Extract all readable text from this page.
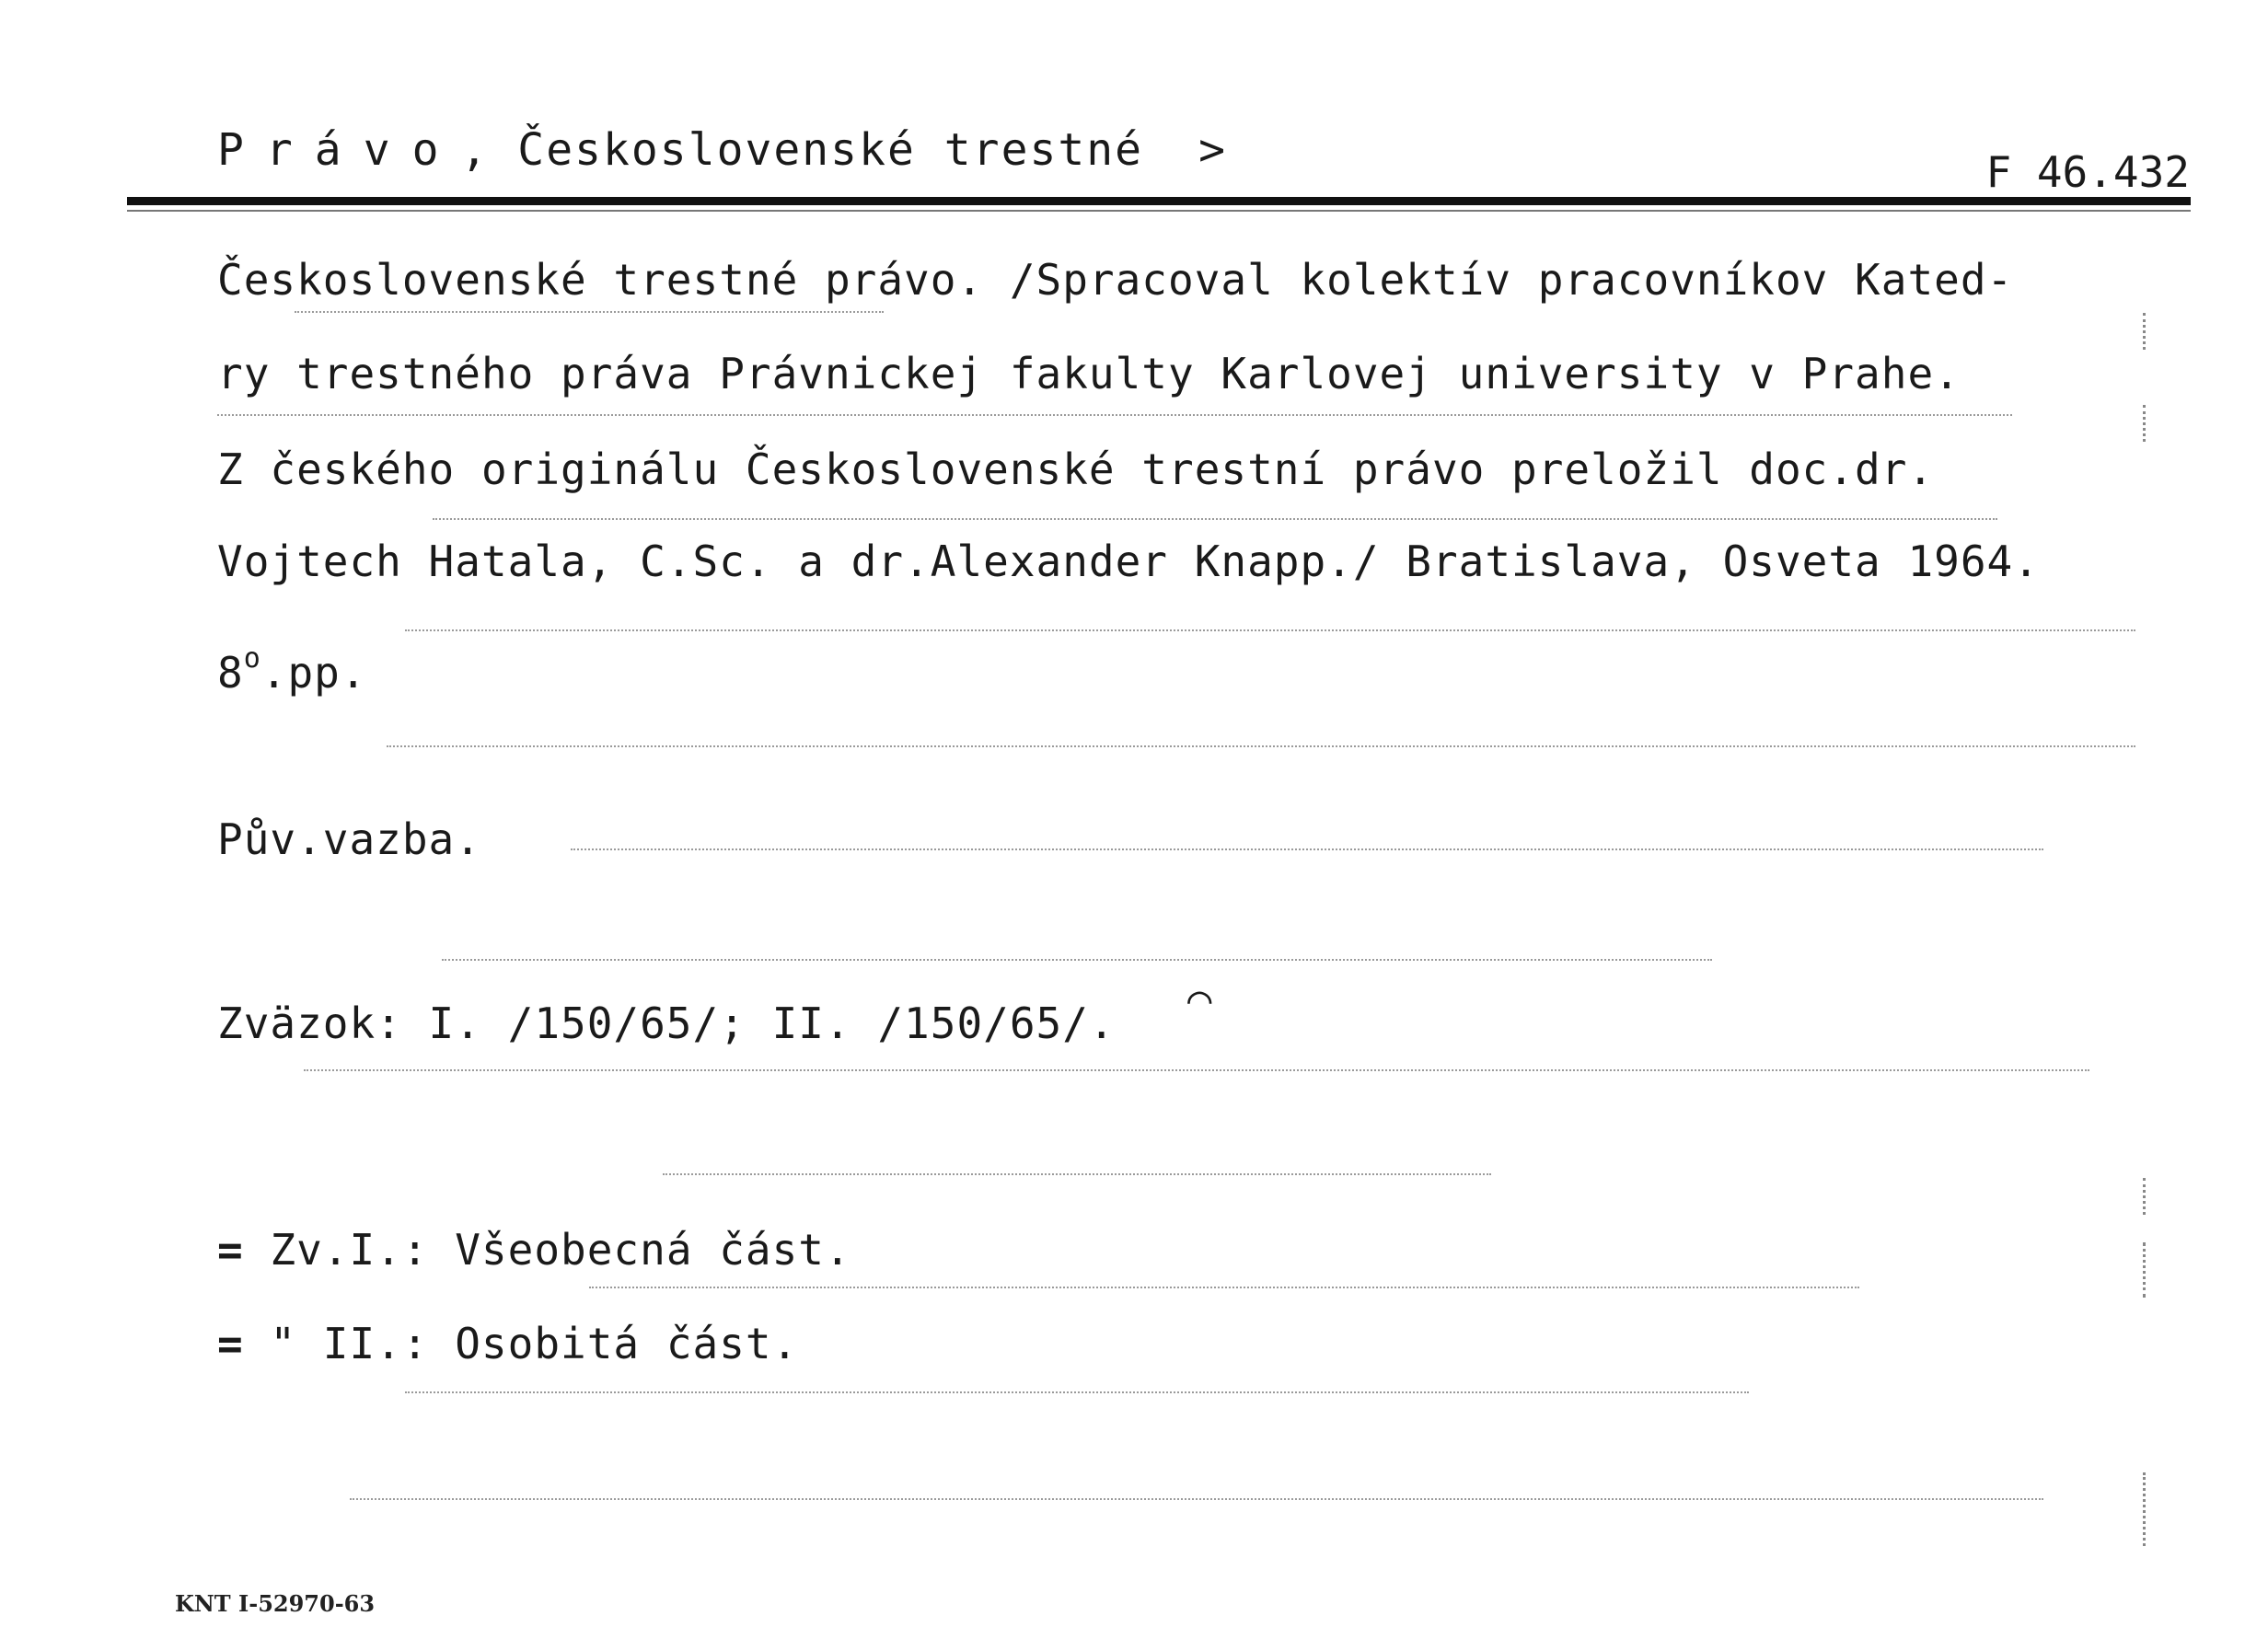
Právo, Československé trestné >	F 46.432
Československé trestné právo. /Spracoval kolektív pracovníkov Kated-
ry trestného práva Právnickej fakulty Karlovej university v Prahe.
Z českého originálu Československé trestní právo preložil doc.dr.
Vojtech Hatala, C.Sc. a dr.Alexander Knapp./ Bratislava, Osveta 1964.
8$^o$.pp.
Pův.vazba.
Zväzok: I. /150/65/; II. /150/65/. ⌒
= Zv.I.: Všeobecná část.
= " II.: Osobitá část.
KNT I-52970-63
